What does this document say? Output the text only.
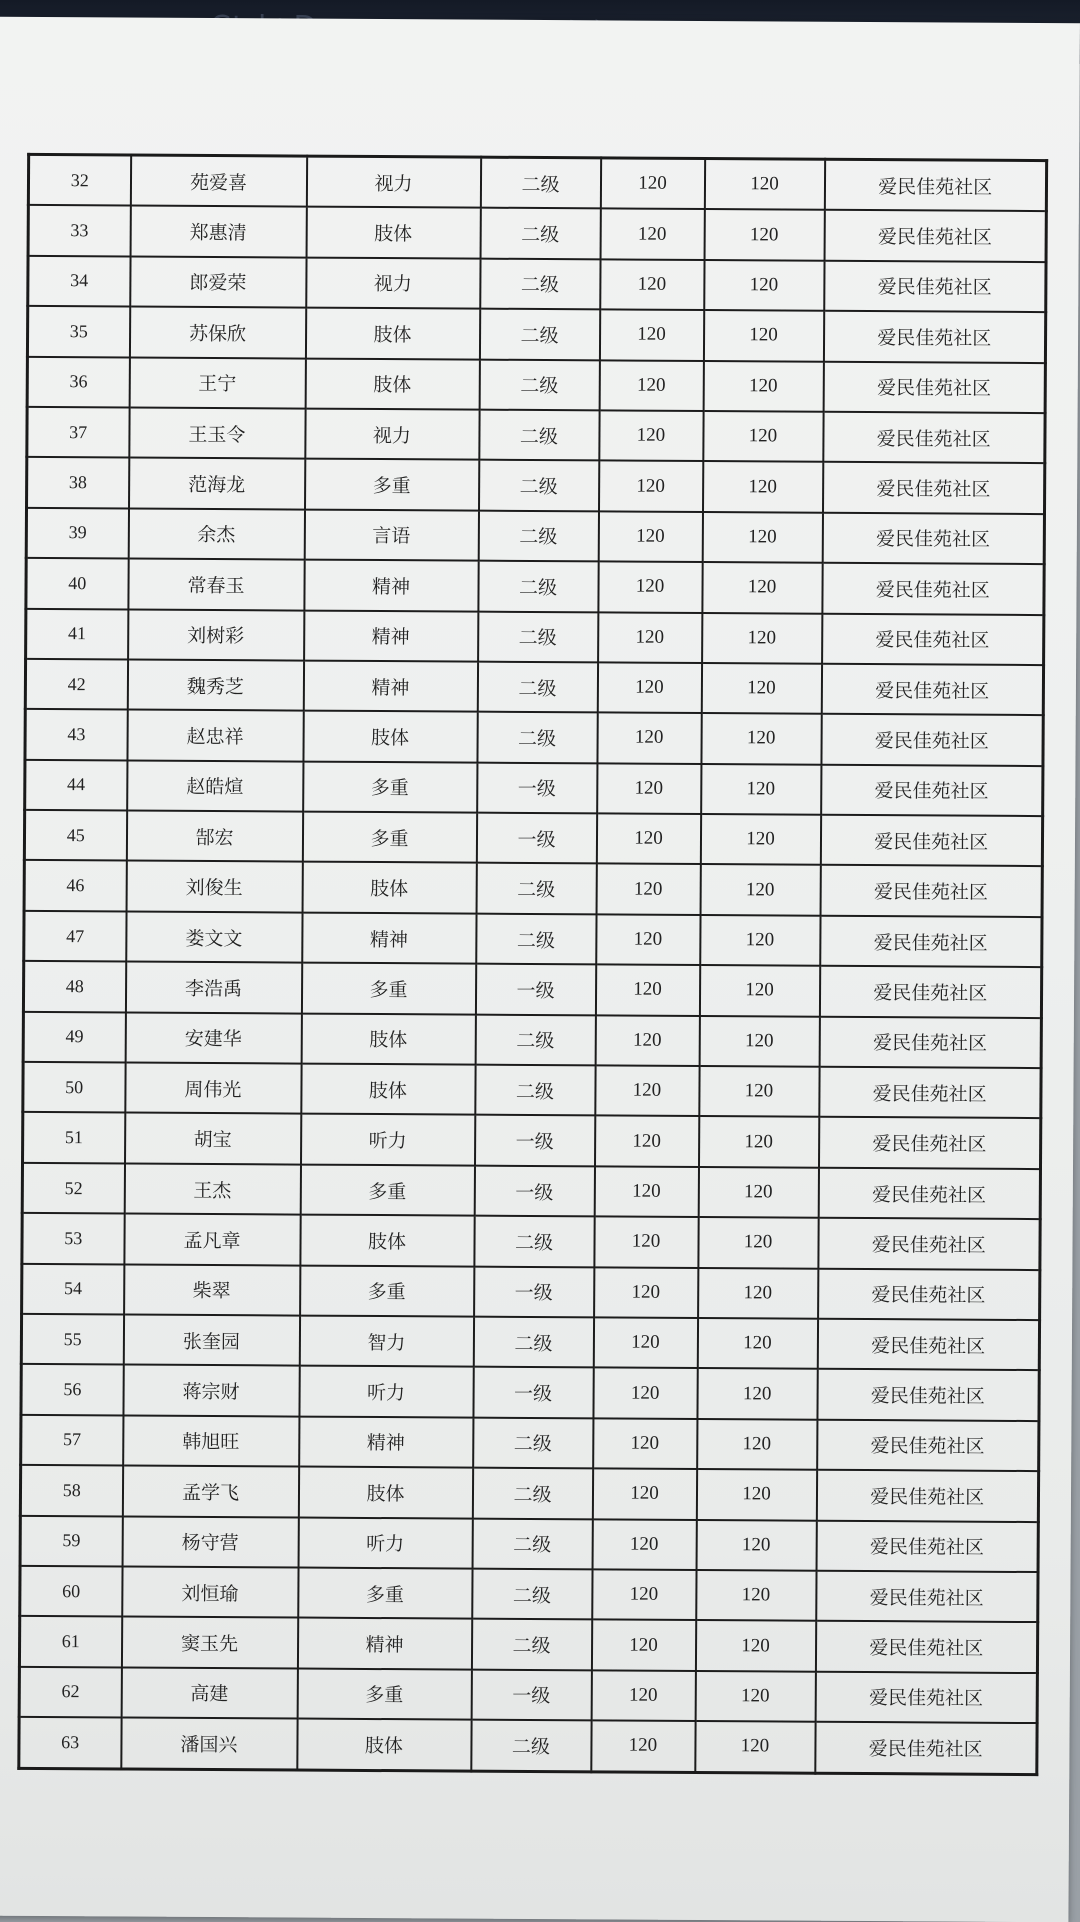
32	苑爱喜	视力	二级	120	120	爱民佳苑社区
33	郑惠清	肢体	二级	120	120	爱民佳苑社区
34	郎爱荣	视力	二级	120	120	爱民佳苑社区
35	苏保欣	肢体	二级	120	120	爱民佳苑社区
36	王宁	肢体	二级	120	120	爱民佳苑社区
37	王玉令	视力	二级	120	120	爱民佳苑社区
38	范海龙	多重	二级	120	120	爱民佳苑社区
39	余杰	言语	二级	120	120	爱民佳苑社区
40	常春玉	精神	二级	120	120	爱民佳苑社区
41	刘树彩	精神	二级	120	120	爱民佳苑社区
42	魏秀芝	精神	二级	120	120	爱民佳苑社区
43	赵忠祥	肢体	二级	120	120	爱民佳苑社区
44	赵皓煊	多重	一级	120	120	爱民佳苑社区
45	郜宏	多重	一级	120	120	爱民佳苑社区
46	刘俊生	肢体	二级	120	120	爱民佳苑社区
47	娄文文	精神	二级	120	120	爱民佳苑社区
48	李浩禹	多重	一级	120	120	爱民佳苑社区
49	安建华	肢体	二级	120	120	爱民佳苑社区
50	周伟光	肢体	二级	120	120	爱民佳苑社区
51	胡宝	听力	一级	120	120	爱民佳苑社区
52	王杰	多重	一级	120	120	爱民佳苑社区
53	孟凡章	肢体	二级	120	120	爱民佳苑社区
54	柴翠	多重	一级	120	120	爱民佳苑社区
55	张奎园	智力	二级	120	120	爱民佳苑社区
56	蒋宗财	听力	一级	120	120	爱民佳苑社区
57	韩旭旺	精神	二级	120	120	爱民佳苑社区
58	孟学飞	肢体	二级	120	120	爱民佳苑社区
59	杨守营	听力	二级	120	120	爱民佳苑社区
60	刘恒瑜	多重	二级	120	120	爱民佳苑社区
61	窦玉先	精神	二级	120	120	爱民佳苑社区
62	高建	多重	一级	120	120	爱民佳苑社区
63	潘国兴	肢体	二级	120	120	爱民佳苑社区
